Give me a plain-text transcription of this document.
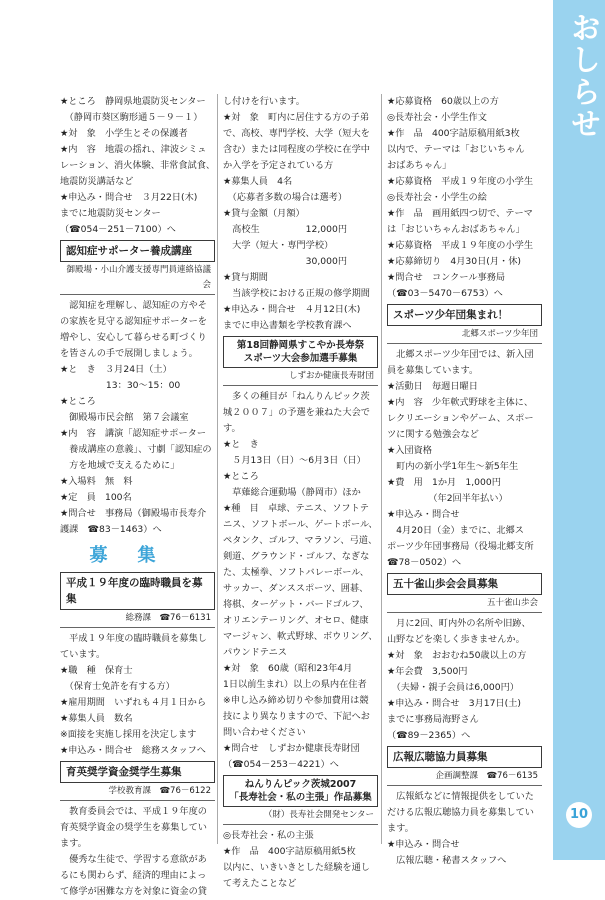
おしらせ
10
★ところ　静岡県地震防災センター
　（静岡市葵区駒形通５－９－１）
★対　象　小学生とその保護者
★内　容　地震の揺れ、津波シミュ
レーション、消火体験、非常食試食、
地震防災講話など
★申込み・問合せ　３月22日(木)
までに地震防災センター
（☎054－251－7100）へ
認知症サポーター養成講座
御殿場・小山介護支援専門員連絡協議会
　認知症を理解し、認知症の方やそ
の家族を見守る認知症サポーターを
増やし、安心して暮らせる町づくり
を皆さんの手で展開しましょう。
★と　き　３月24日（土）
　　　　　13：30～15：00
★ところ
　御殿場市民会館　第７会議室
★内　容　講演「認知症サポーター
　養成講座の意義」、寸劇「認知症の
　方を地域で支えるために」
★入場料　無　料
★定　員　100名
★問合せ　事務局（御殿場市長寿介
護課　☎83－1463）へ
募集
平成１９年度の臨時職員を募集
総務課　☎76－6131
　平成１９年度の臨時職員を募集し
ています。
★職　種　保育士
　（保育士免許を有する方）
★雇用期間　いずれも４月１日から
★募集人員　数名
※面接を実施し採用を決定します
★申込み・問合せ　総務スタッフへ
育英奨学資金奨学生募集
学校教育課　☎76－6122
　教育委員会では、平成１９年度の
育英奨学資金の奨学生を募集してい
ます。
　優秀な生徒で、学習する意欲があ
るにも関わらず、経済的理由によっ
て修学が困難な方を対象に資金の貸
し付けを行います。
★対　象　町内に居住する方の子弟
で、高校、専門学校、大学（短大を
含む）または同程度の学校に在学中
か入学を予定されている方
★募集人員　4名
　（応募者多数の場合は選考）
★貸与金額（月額）
　高校生　　　　　12,000円
　大学（短大・専門学校）
　　　　　　　　　30,000円
★貸与期間
　当該学校における正規の修学期間
★申込み・問合せ　４月12日(木)
までに申込書類を学校教育課へ
第18回静岡県すこやか長寿祭
スポーツ大会参加選手募集
しずおか健康長寿財団
　多くの種目が「ねんりんピック茨
城２００７」の予選を兼ねた大会で
す。
★と　き
　５月13日（日）～6月3日（日）
★ところ
　草薙総合運動場（静岡市）ほか
★種　目　卓球、テニス、ソフトテ
ニス、ソフトボール、ゲートボール、
ペタンク、ゴルフ、マラソン、弓道、
剣道、グラウンド・ゴルフ、なぎな
た、太極拳、ソフトバレーボール、
サッカー、ダンススポーツ、囲碁、
将棋、ターゲット・バードゴルフ、
オリエンテーリング、オセロ、健康
マージャン、軟式野球、ボウリング、
パウンドテニス
★対　象　60歳（昭和23年4月
1日以前生まれ）以上の県内在住者
※申し込み締め切りや参加費用は競
技により異なりますので、下記へお
問い合わせください
★問合せ　しずおか健康長寿財団
（☎054－253－4221）へ
ねんりんピック茨城2007
「長寿社会・私の主張」作品募集
（財）長寿社会開発センター
◎長寿社会・私の主張
★作　品　400字詰原稿用紙5枚
以内に、いきいきとした経験を通し
て考えたことなど
★応募資格　60歳以上の方
◎長寿社会・小学生作文
★作　品　400字詰原稿用紙3枚
以内で、テーマは「おじいちゃん
おばあちゃん」
★応募資格　平成１９年度の小学生
◎長寿社会・小学生の絵
★作　品　画用紙四つ切で、テーマ
は「おじいちゃんおばあちゃん」
★応募資格　平成１９年度の小学生
★応募締切り　4月30日(月・休)
★問合せ　コンクール事務局
（☎03－5470－6753）へ
スポーツ少年団集まれ！
北郷スポーツ少年団
　北郷スポーツ少年団では、新入団
員を募集しています。
★活動日　毎週日曜日
★内　容　少年軟式野球を主体に、
レクリエーションやゲーム、スポー
ツに関する勉強会など
★入団資格
　町内の新小学1年生～新5年生
★費　用　1か月　1,000円
　　　　　（年2回半年払い）
★申込み・問合せ
　4月20日（金）までに、北郷ス
ポーツ少年団事務局（役場北郷支所
☎78－0502）へ
五十雀山歩会会員募集
五十雀山歩会
　月に2回、町内外の名所や旧跡、
山野などを楽しく歩きませんか。
★対　象　おおむね50歳以上の方
★年会費　3,500円
　（夫婦・親子会員は6,000円）
★申込み・問合せ　3月17日(土)
までに事務局海野さん
（☎89－2365）へ
広報広聴協力員募集
企画調整課　☎76－6135
　広報紙などに情報提供をしていた
だける広報広聴協力員を募集してい
ます。
★申込み・問合せ
　広報広聴・秘書スタッフへ
